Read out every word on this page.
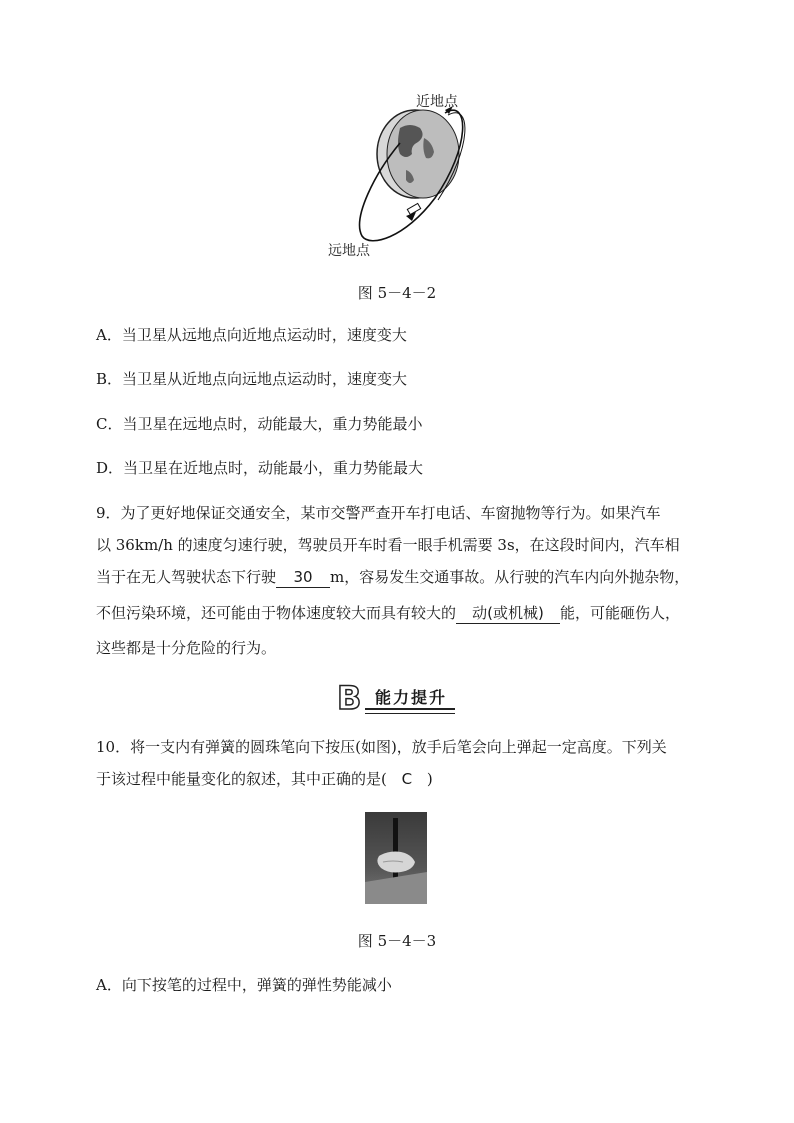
近地点
远地点
图 5－4－2
A．当卫星从远地点向近地点运动时，速度变大
B．当卫星从近地点向远地点运动时，速度变大
C．当卫星在远地点时，动能最大，重力势能最小
D．当卫星在近地点时，动能最小，重力势能最大
9．为了更好地保证交通安全，某市交警严查开车打电话、车窗抛物等行为。如果汽车
以 36km/h 的速度匀速行驶，驾驶员开车时看一眼手机需要 3s，在这段时间内，汽车相
当于在无人驾驶状态下行驶 30 m，容易发生交通事故。从行驶的汽车内向外抛杂物，
不但污染环境，还可能由于物体速度较大而具有较大的 动(或机械) 能，可能砸伤人，
这些都是十分危险的行为。
B 能力提升
10．将一支内有弹簧的圆珠笔向下按压(如图)，放手后笔会向上弹起一定高度。下列关
于该过程中能量变化的叙述，其中正确的是( C )
图 5－4－3
A．向下按笔的过程中，弹簧的弹性势能减小
